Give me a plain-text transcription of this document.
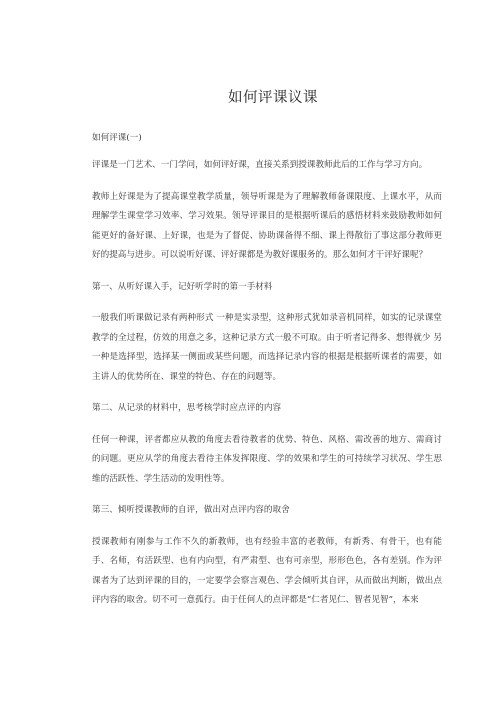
如何评课议课
如何评课(一)

评课是一门艺术、一门学问，如何评好课，直接关系到授课教师此后的工作与学习方向。

教师上好课是为了提高课堂教学质量，领导听课是为了理解教师备课限度、上课水平，从而理解学生课堂学习效率、学习效果。领导评课目的是根据听课后的感悟材料来鼓励教师如何能更好的备好课、上好课，也是为了督促、协助课备得不细、课上得散衍了事这部分教师更好的提高与进步。可以说听好课、评好课都是为教好课服务的。那么如何才干评好课呢？

第一、从听好课入手，记好听学时的第一手材料

一般我们听课做记录有两种形式 一种是实录型，这种形式犹如录音机同样，如实的记录课堂教学的全过程，仿效的用意之多，这种记录方式一般不可取。由于听者记得多、想得就少 另一种是选择型，选择某一侧面或某些问题，而选择记录内容的根据是根据听课者的需要，如主讲人的优势所在、课堂的特色、存在的问题等。

第二、从记录的材料中，思考核学时应点评的内容

任何一种课，评者都应从教的角度去看待教者的优势、特色、风格、需改善的地方、需商讨的问题。更应从学的角度去看待主体发挥限度、学的效果和学生的可持续学习状况、学生思维的活跃性、学生活动的发明性等。

第三、倾听授课教师的自评，做出对点评内容的取舍

授课教师有刚参与工作不久的新教师，也有经验丰富的老教师，有新秀、有骨干，也有能手、名师，有活跃型、也有内向型，有严肃型、也有可亲型，形形色色，各有差别。作为评课者为了达到评课的目的，一定要学会察言观色、学会倾听其自评，从而做出判断，做出点评内容的取舍。切不可一意孤行。由于任何人的点评都是“仁者见仁、智者见智”，本来
